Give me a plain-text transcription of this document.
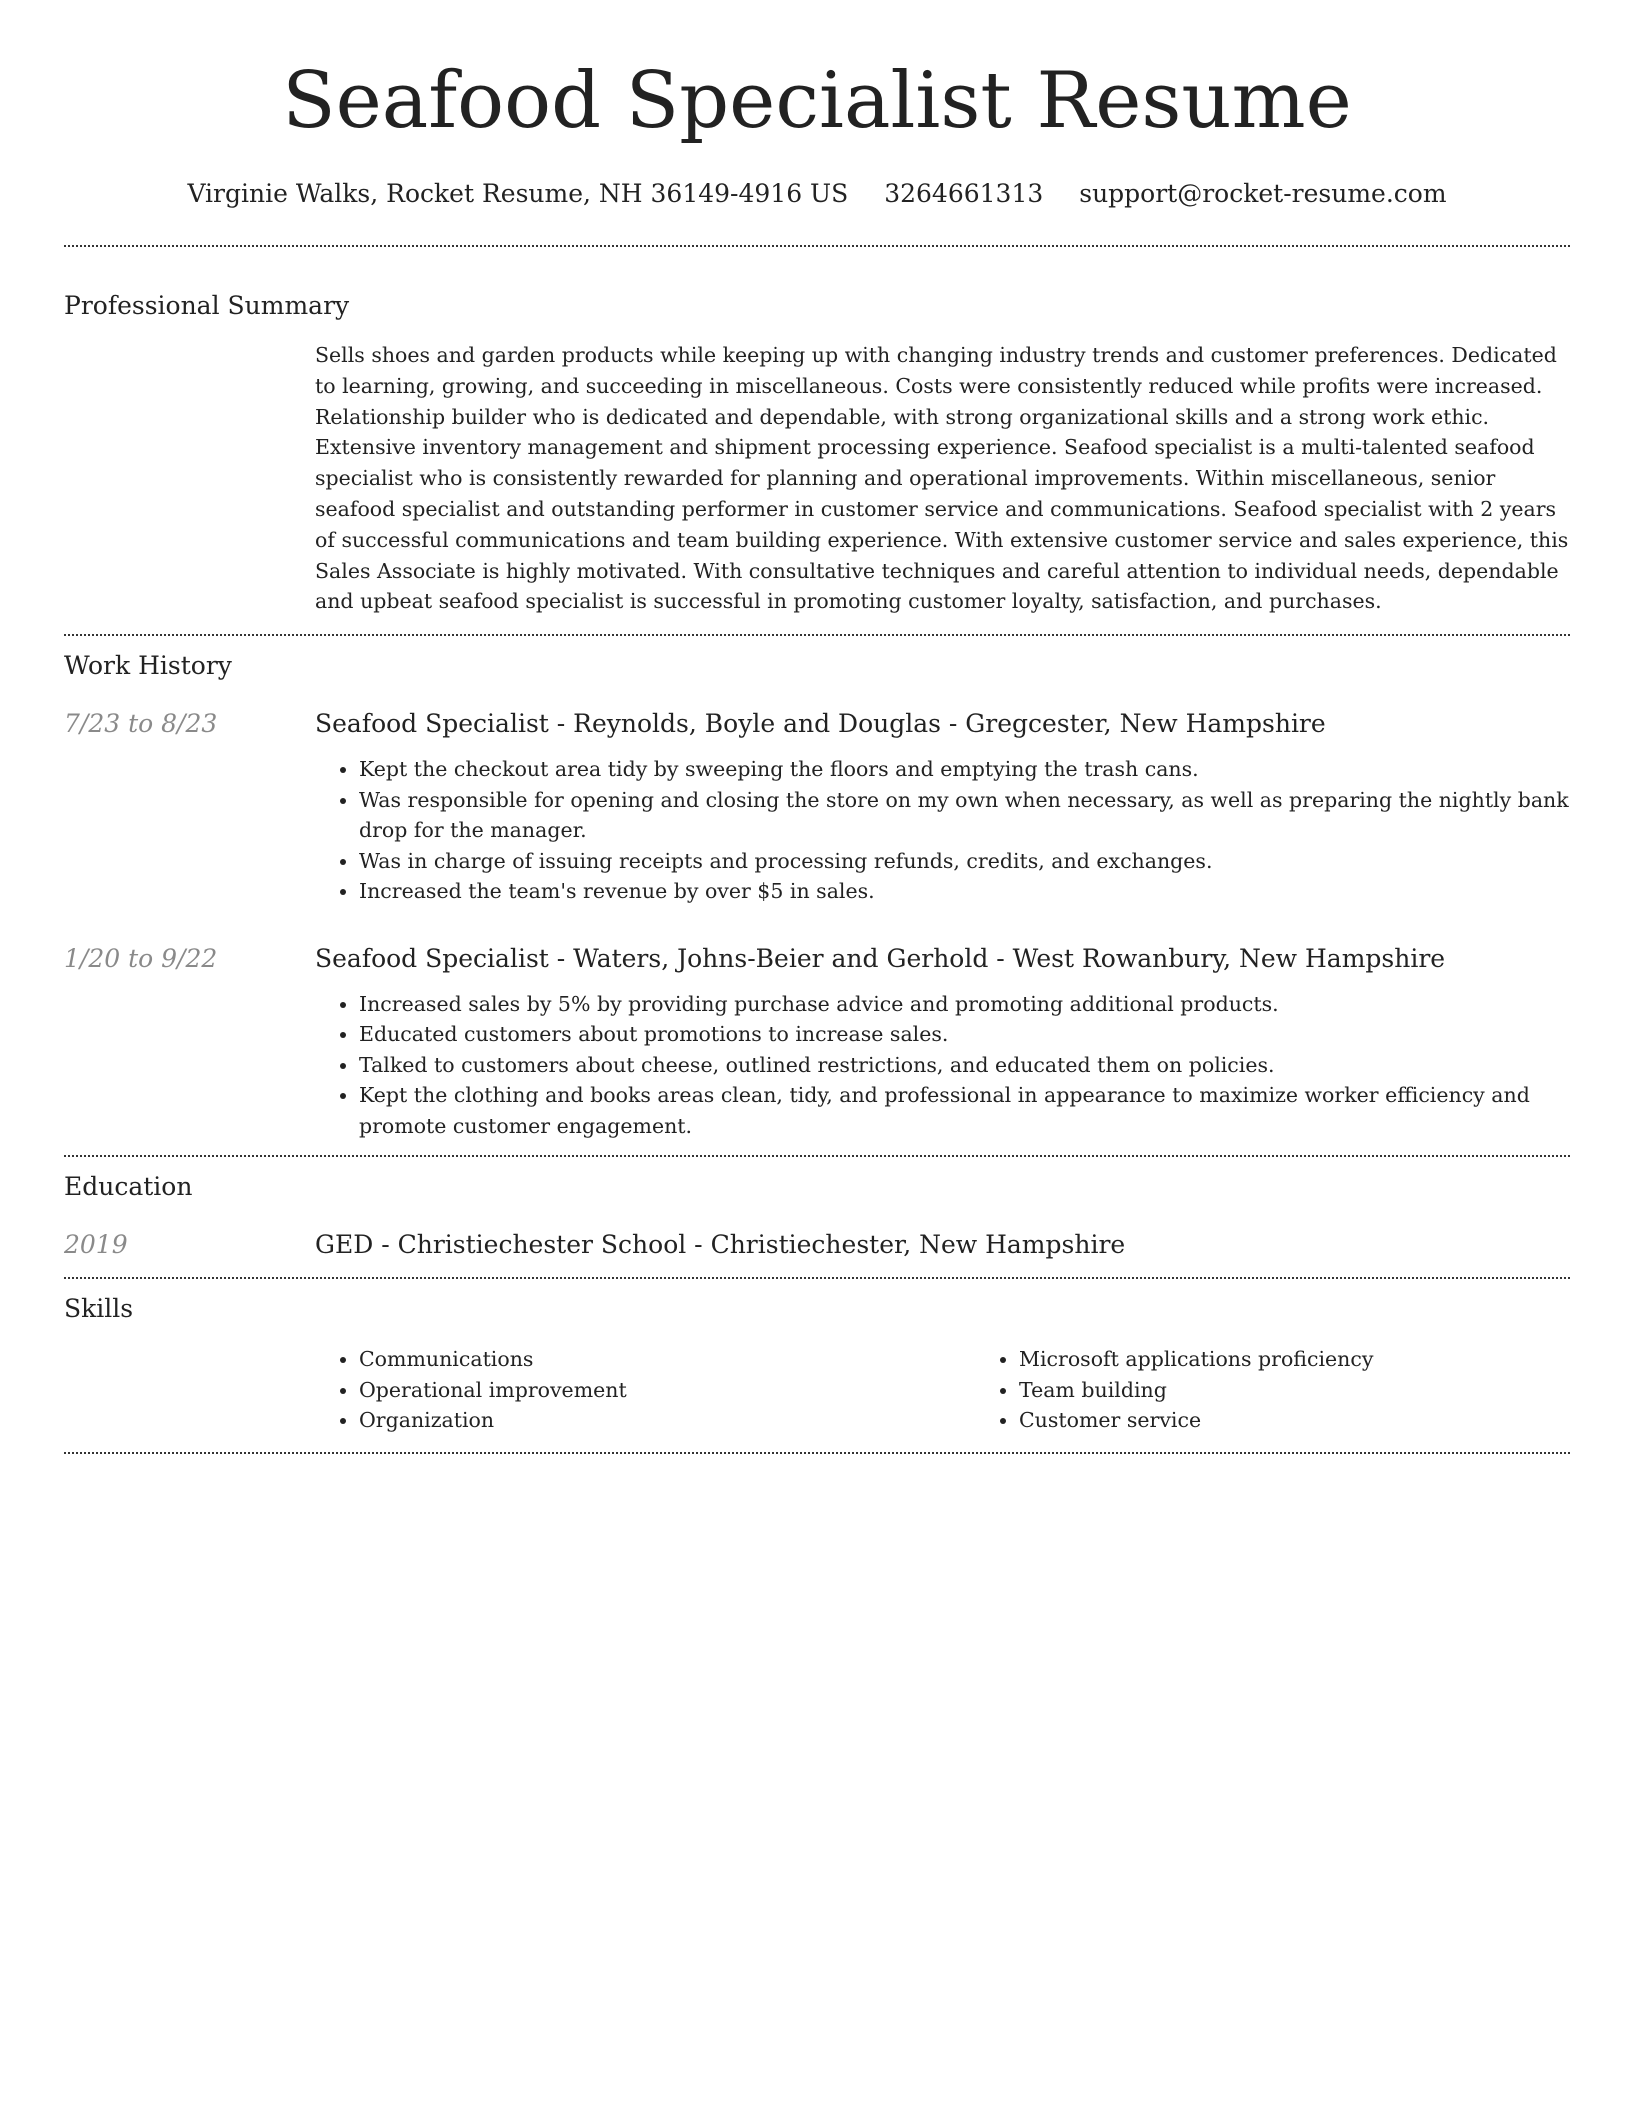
Seafood Specialist Resume
Virginie Walks, Rocket Resume, NH 36149-4916 US 3264661313 support@rocket-resume.com
Professional Summary

Sells shoes and garden products while keeping up with changing industry trends and customer preferences. Dedicated to learning, growing, and succeeding in miscellaneous. Costs were consistently reduced while profits were increased. Relationship builder who is dedicated and dependable, with strong organizational skills and a strong work ethic. Extensive inventory management and shipment processing experience. Seafood specialist is a multi-talented seafood specialist who is consistently rewarded for planning and operational improvements. Within miscellaneous, senior seafood specialist and outstanding performer in customer service and communications. Seafood specialist with 2 years of successful communications and team building experience. With extensive customer service and sales experience, this Sales Associate is highly motivated. With consultative techniques and careful attention to individual needs, dependable and upbeat seafood specialist is successful in promoting customer loyalty, satisfaction, and purchases.

Work History
7/23 to 8/23	Seafood Specialist - Reynolds, Boyle and Douglas - Gregcester, New Hampshire
• Kept the checkout area tidy by sweeping the floors and emptying the trash cans.
• Was responsible for opening and closing the store on my own when necessary, as well as preparing the nightly bank drop for the manager.
• Was in charge of issuing receipts and processing refunds, credits, and exchanges.
• Increased the team's revenue by over $5 in sales.
1/20 to 9/22	Seafood Specialist - Waters, Johns-Beier and Gerhold - West Rowanbury, New Hampshire
• Increased sales by 5% by providing purchase advice and promoting additional products.
• Educated customers about promotions to increase sales.
• Talked to customers about cheese, outlined restrictions, and educated them on policies.
• Kept the clothing and books areas clean, tidy, and professional in appearance to maximize worker efficiency and promote customer engagement.
Education
2019	GED - Christiechester School - Christiechester, New Hampshire
Skills
• Communications
• Operational improvement
• Organization
• Microsoft applications proficiency
• Team building
• Customer service
